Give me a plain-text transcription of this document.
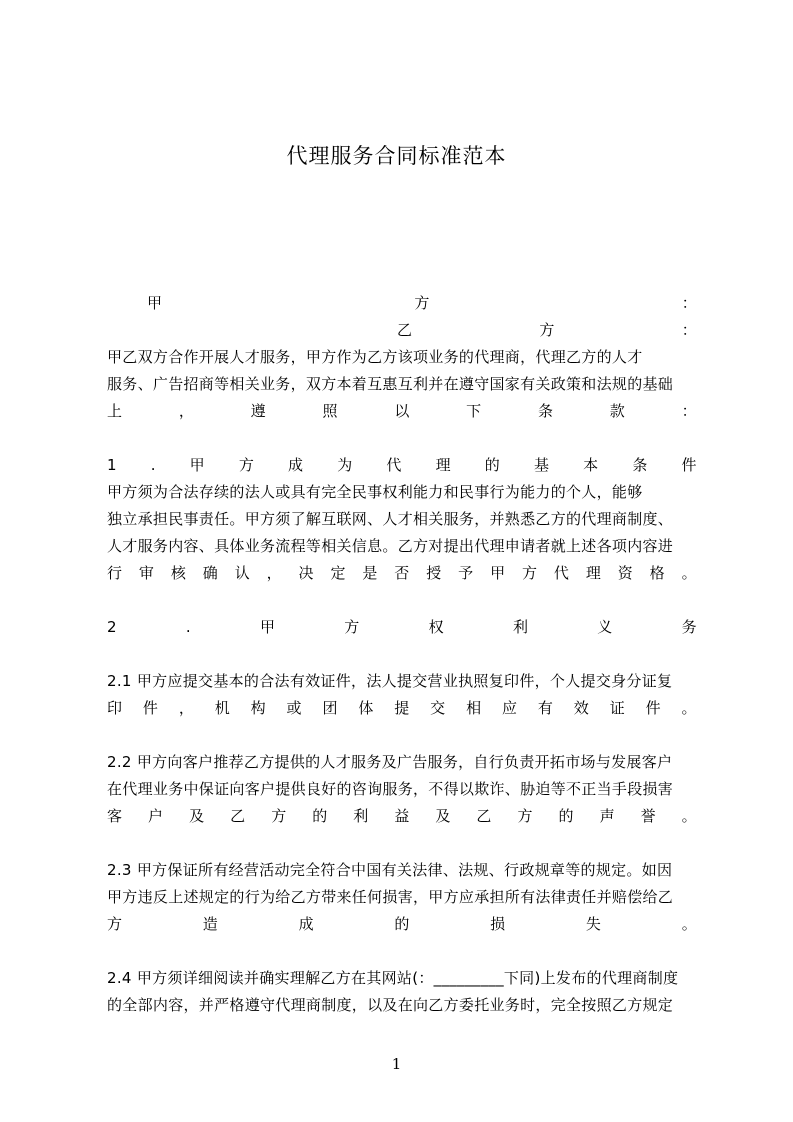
代理服务合同标准范本
甲	方	：
乙	方	：
甲乙双方合作开展人才服务，甲方作为乙方该项业务的代理商，代理乙方的人才
服务、广告招商等相关业务，双方本着互惠互利并在遵守国家有关政策和法规的基础
上	，	遵	照	以	下	条	款	：
1 . 甲 方 成 为 代 理 的 基 本 条 件
甲方须为合法存续的法人或具有完全民事权利能力和民事行为能力的个人，能够
独立承担民事责任。甲方须了解互联网、人才相关服务，并熟悉乙方的代理商制度、
人才服务内容、具体业务流程等相关信息。乙方对提出代理申请者就上述各项内容进
行 审 核 确 认 ， 决 定 是 否 授 予 甲 方 代 理 资 格 。
2	.	甲	方	权	利	义	务
2.1 甲方应提交基本的合法有效证件，法人提交营业执照复印件，个人提交身分证复
印 件 ， 机 构 或 团 体 提 交 相 应 有 效 证 件 。
2.2 甲方向客户推荐乙方提供的人才服务及广告服务，自行负责开拓市场与发展客户
在代理业务中保证向客户提供良好的咨询服务，不得以欺诈、胁迫等不正当手段损害
客 户 及 乙 方 的 利 益 及 乙 方 的 声 誉 。
2.3 甲方保证所有经营活动完全符合中国有关法律、法规、行政规章等的规定。如因
甲方违反上述规定的行为给乙方带来任何损害，甲方应承担所有法律责任并赔偿给乙
方	造	成	的	损	失	。
2.4 甲方须详细阅读并确实理解乙方在其网站(：_________下同)上发布的代理商制度
的全部内容，并严格遵守代理商制度，以及在向乙方委托业务时，完全按照乙方规定
1
